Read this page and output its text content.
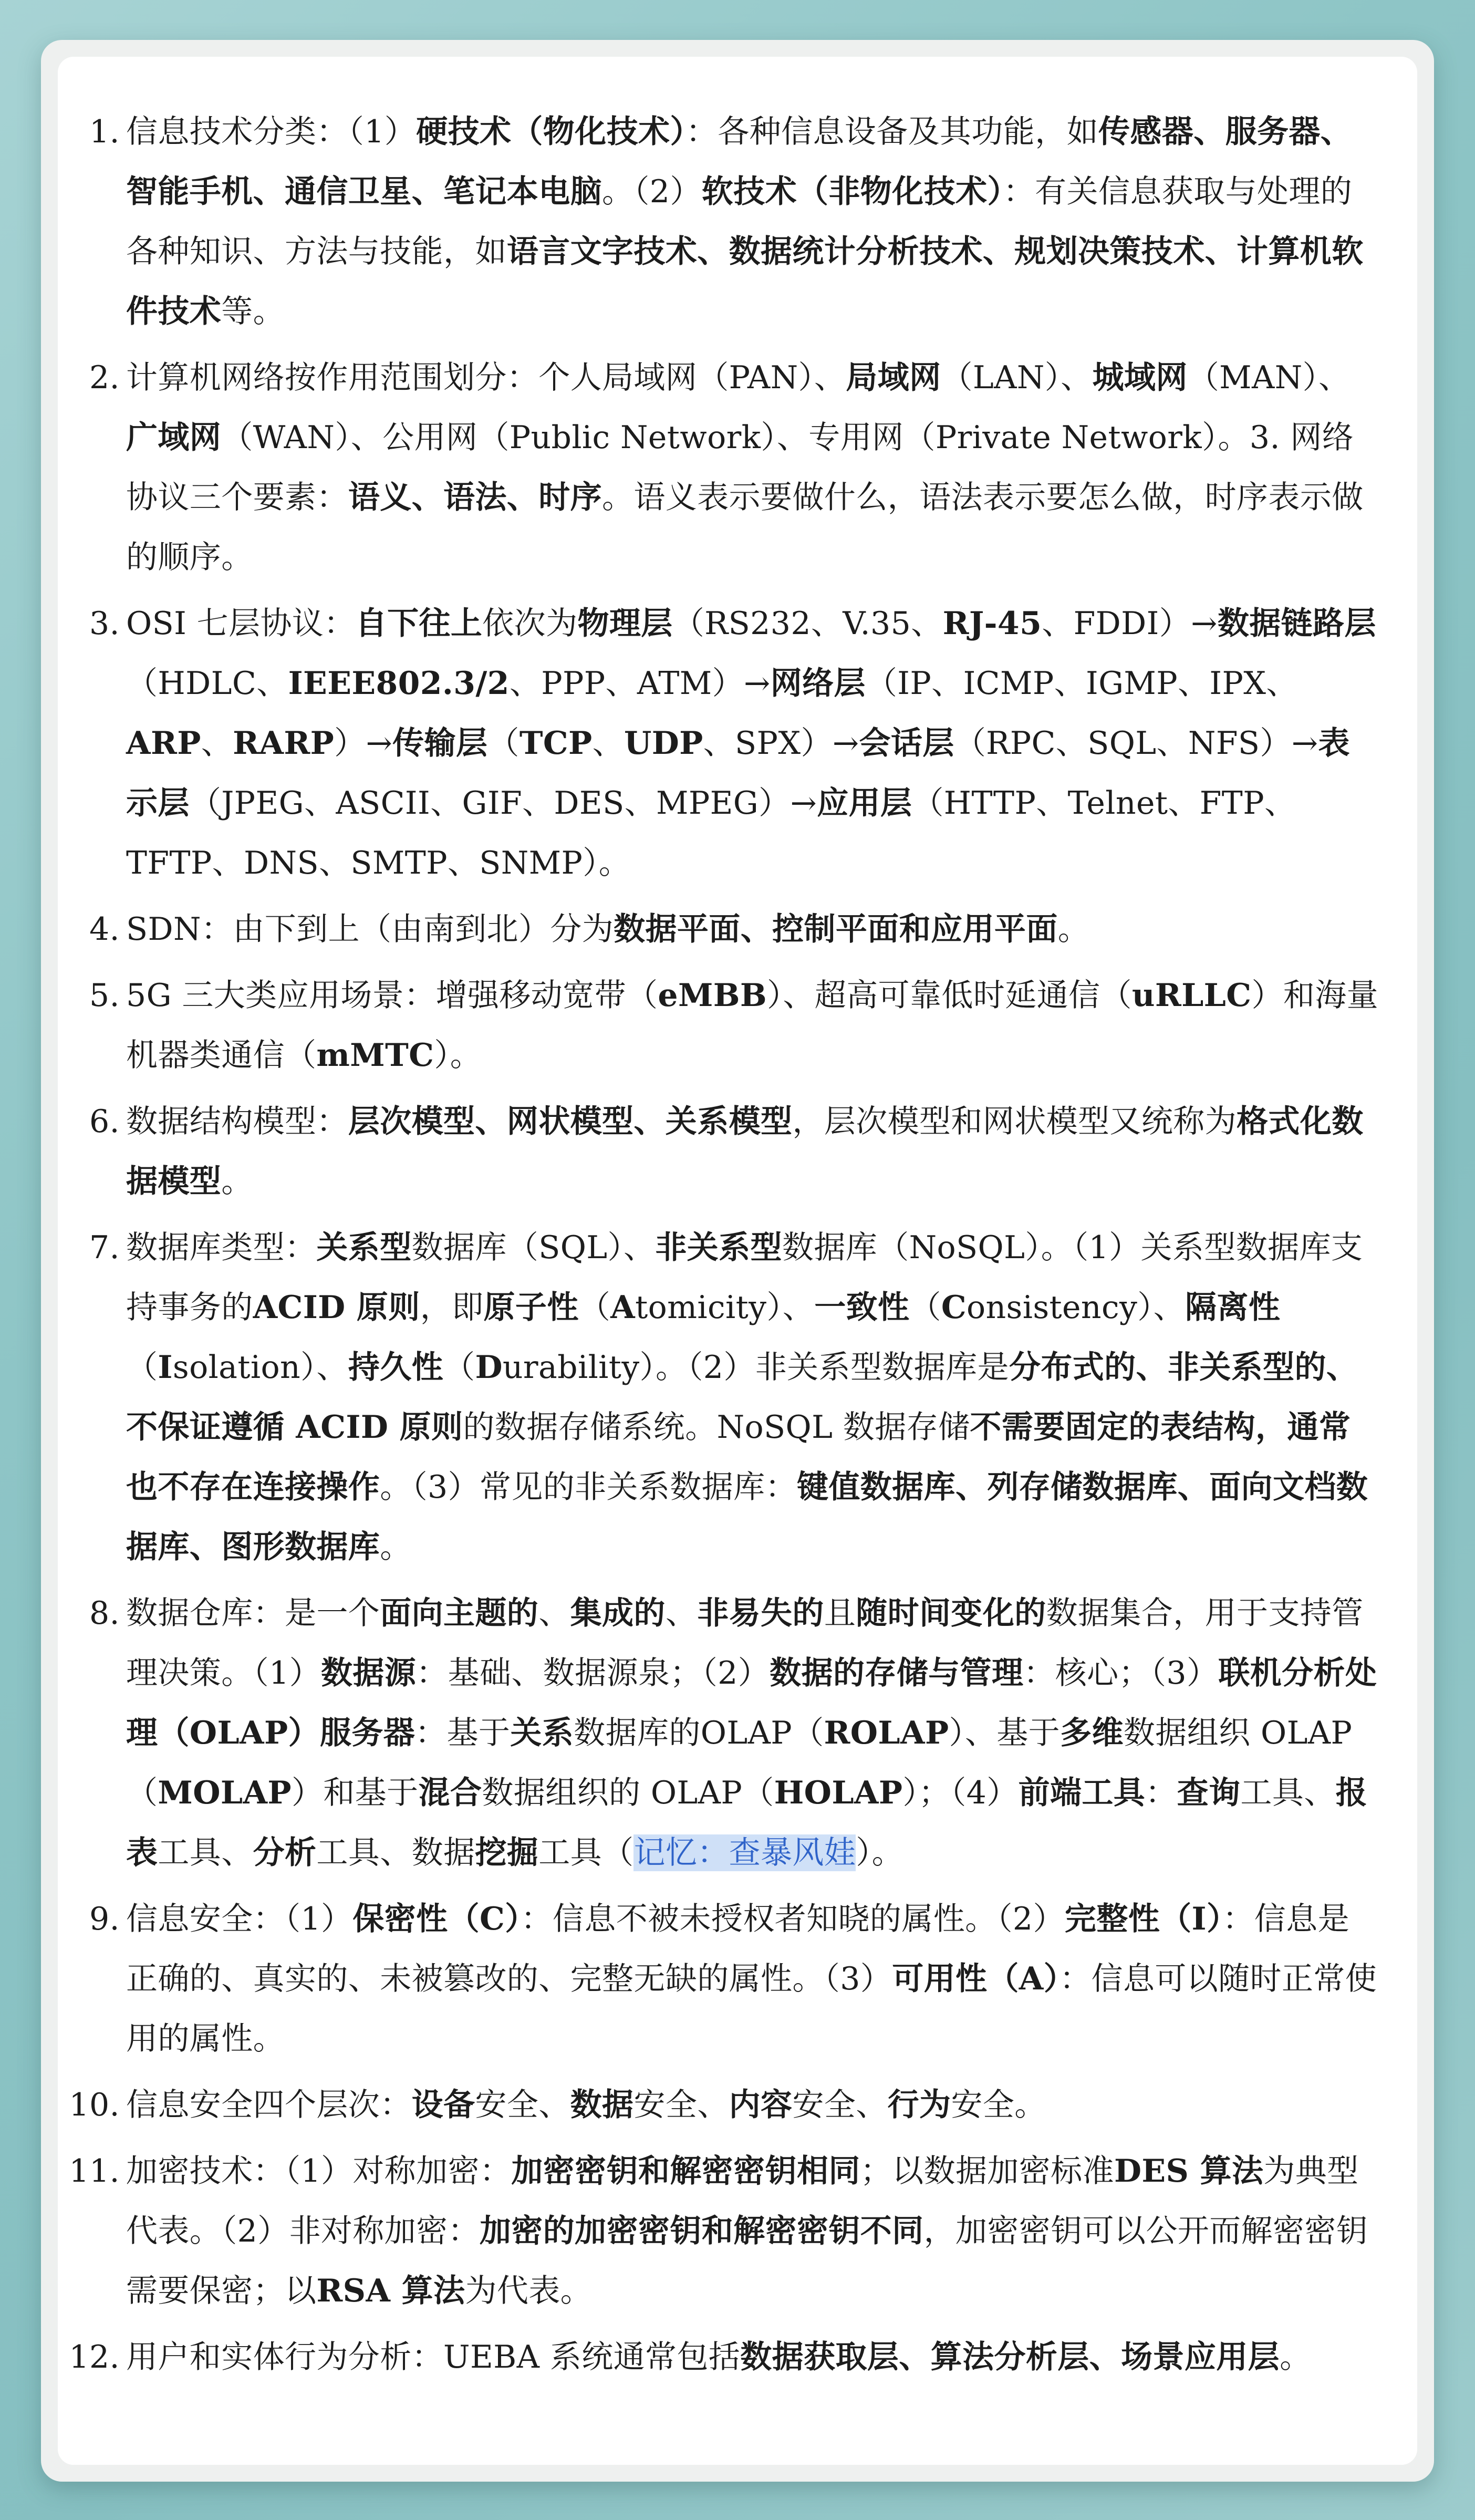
1. 信息技术分类：（1）硬技术（物化技术）：各种信息设备及其功能，如传感器、服务器、智能手机、通信卫星、笔记本电脑。（2）软技术（非物化技术）：有关信息获取与处理的各种知识、方法与技能，如语言文字技术、数据统计分析技术、规划决策技术、计算机软件技术等。
2. 计算机网络按作用范围划分：个人局域网（PAN）、局域网（LAN）、城域网（MAN）、广域网（WAN）、公用网（Public Network）、专用网（Private Network）。3. 网络协议三个要素：语义、语法、时序。语义表示要做什么，语法表示要怎么做，时序表示做的顺序。
3. OSI 七层协议：自下往上依次为物理层（RS232、V.35、RJ-45、FDDI）→数据链路层（HDLC、IEEE802.3/2、PPP、ATM）→网络层（IP、ICMP、IGMP、IPX、ARP、RARP）→传输层（TCP、UDP、SPX）→会话层（RPC、SQL、NFS）→表示层（JPEG、ASCII、GIF、DES、MPEG）→应用层（HTTP、Telnet、FTP、TFTP、DNS、SMTP、SNMP）。
4. SDN：由下到上（由南到北）分为数据平面、控制平面和应用平面。
5. 5G 三大类应用场景：增强移动宽带（eMBB）、超高可靠低时延通信（uRLLC）和海量机器类通信（mMTC）。
6. 数据结构模型：层次模型、网状模型、关系模型，层次模型和网状模型又统称为格式化数据模型。
7. 数据库类型：关系型数据库（SQL）、非关系型数据库（NoSQL）。（1）关系型数据库支持事务的ACID 原则，即原子性（Atomicity）、一致性（Consistency）、隔离性（Isolation）、持久性（Durability）。（2）非关系型数据库是分布式的、非关系型的、不保证遵循 ACID 原则的数据存储系统。NoSQL 数据存储不需要固定的表结构，通常也不存在连接操作。（3）常见的非关系数据库：键值数据库、列存储数据库、面向文档数据库、图形数据库。
8. 数据仓库：是一个面向主题的、集成的、非易失的且随时间变化的数据集合，用于支持管理决策。（1）数据源：基础、数据源泉；（2）数据的存储与管理：核心；（3）联机分析处理（OLAP）服务器：基于关系数据库的OLAP（ROLAP）、基于多维数据组织 OLAP（MOLAP）和基于混合数据组织的 OLAP（HOLAP）；（4）前端工具：查询工具、报表工具、分析工具、数据挖掘工具（记忆：查暴风娃）。
9. 信息安全：（1）保密性（C）：信息不被未授权者知晓的属性。（2）完整性（I）：信息是正确的、真实的、未被篡改的、完整无缺的属性。（3）可用性（A）：信息可以随时正常使用的属性。
10. 信息安全四个层次：设备安全、数据安全、内容安全、行为安全。
11. 加密技术：（1）对称加密：加密密钥和解密密钥相同；以数据加密标准DES 算法为典型代表。（2）非对称加密：加密的加密密钥和解密密钥不同，加密密钥可以公开而解密密钥需要保密；以RSA 算法为代表。
12. 用户和实体行为分析：UEBA 系统通常包括数据获取层、算法分析层、场景应用层。
